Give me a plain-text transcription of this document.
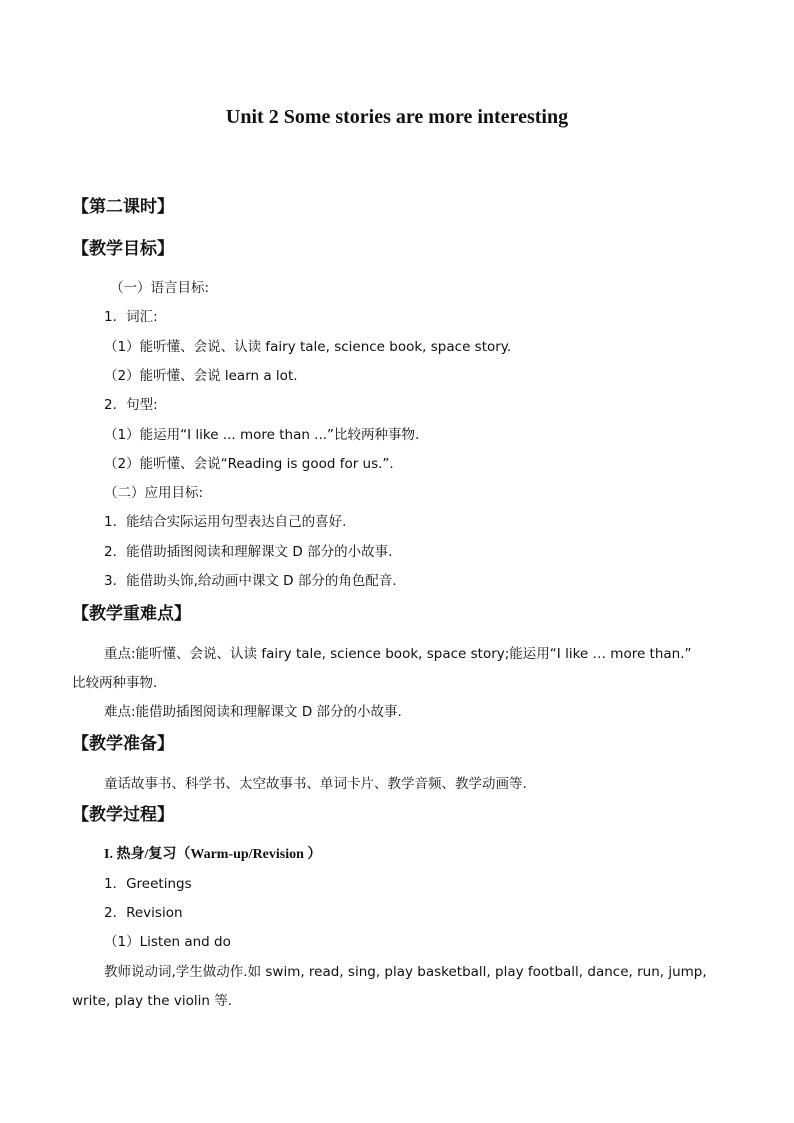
Unit 2 Some stories are more interesting
【第二课时】
【教学目标】
（一）语言目标:
1．词汇:
（1）能听懂、会说、认读 fairy tale, science book, space story.
（2）能听懂、会说 learn a lot.
2．句型:
（1）能运用“I like ... more than ...”比较两种事物.
（2）能听懂、会说“Reading is good for us.”.
（二）应用目标:
1．能结合实际运用句型表达自己的喜好.
2．能借助插图阅读和理解课文 D 部分的小故事.
3．能借助头饰,给动画中课文 D 部分的角色配音.
【教学重难点】
重点:能听懂、会说、认读 fairy tale, science book, space story;能运用“I like … more than.”
比较两种事物.
难点:能借助插图阅读和理解课文 D 部分的小故事.
【教学准备】
童话故事书、科学书、太空故事书、单词卡片、教学音频、教学动画等.
【教学过程】
I. 热身/复习（Warm-up/Revision ）
1．Greetings
2．Revision
（1）Listen and do
教师说动词,学生做动作.如 swim, read, sing, play basketball, play football, dance, run, jump,
write, play the violin 等.
